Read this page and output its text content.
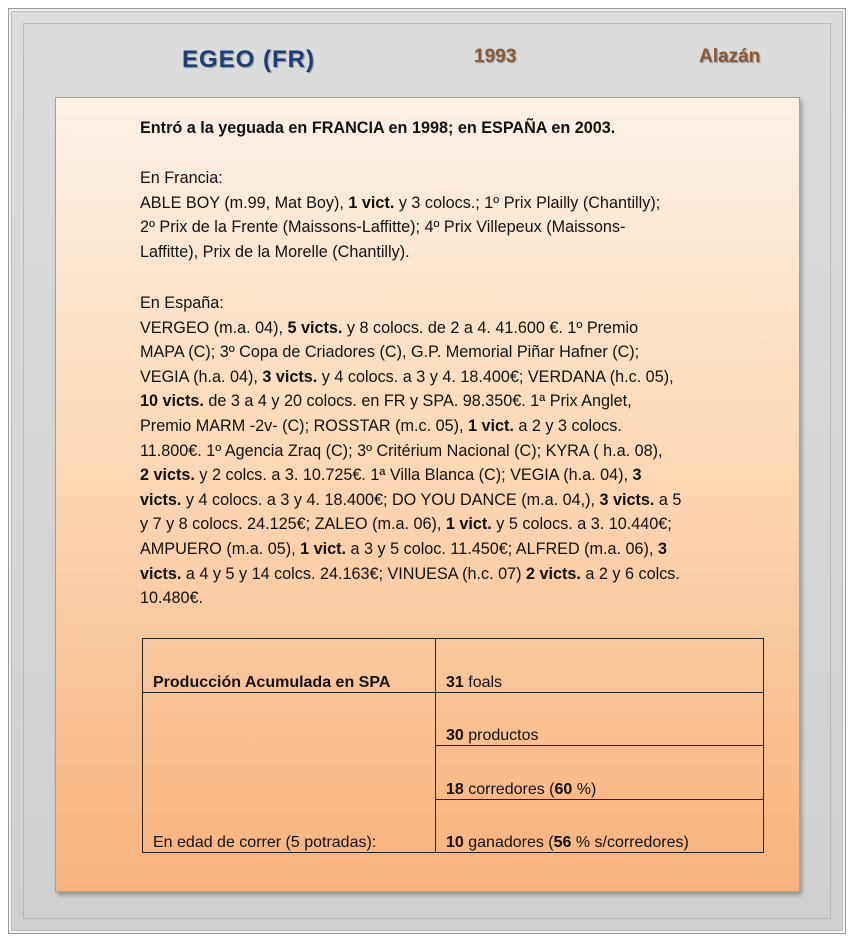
EGEO (FR)	1993	Alazán
Entró a la yeguada en FRANCIA en 1998; en ESPAÑA en 2003.
En Francia:
ABLE BOY (m.99, Mat Boy), 1 vict. y 3 colocs.; 1º Prix Plailly (Chantilly);
2º Prix de la Frente (Maissons-Laffitte); 4º Prix Villepeux (Maissons-
Laffitte), Prix de la Morelle (Chantilly).
En España:
VERGEO (m.a. 04), 5 victs. y 8 colocs. de 2 a 4. 41.600 €. 1º Premio
MAPA (C); 3º Copa de Criadores (C), G.P. Memorial Piñar Hafner (C);
VEGIA (h.a. 04), 3 victs. y 4 colocs. a 3 y 4. 18.400€; VERDANA (h.c. 05),
10 victs. de 3 a 4 y 20 colocs. en FR y SPA. 98.350€. 1ª Prix Anglet,
Premio MARM -2v- (C); ROSSTAR (m.c. 05), 1 vict. a 2 y 3 colocs.
11.800€. 1º Agencia Zraq (C); 3º Critérium Nacional (C); KYRA ( h.a. 08),
2 victs. y 2 colcs. a 3. 10.725€. 1ª Villa Blanca (C); VEGIA (h.a. 04), 3
victs. y 4 colocs. a 3 y 4. 18.400€; DO YOU DANCE (m.a. 04,), 3 victs. a 5
y 7 y 8 colocs. 24.125€; ZALEO (m.a. 06), 1 vict. y 5 colocs. a 3. 10.440€;
AMPUERO (m.a. 05), 1 vict. a 3 y 5 coloc. 11.450€; ALFRED (m.a. 06), 3
victs. a 4 y 5 y 14 colcs. 24.163€; VINUESA (h.c. 07) 2 victs. a 2 y 6 colcs.
10.480€.
Producción Acumulada en SPA	31 foals
En edad de correr (5 potradas):	30 productos
	18 corredores (60 %)
	10 ganadores (56 % s/corredores)
